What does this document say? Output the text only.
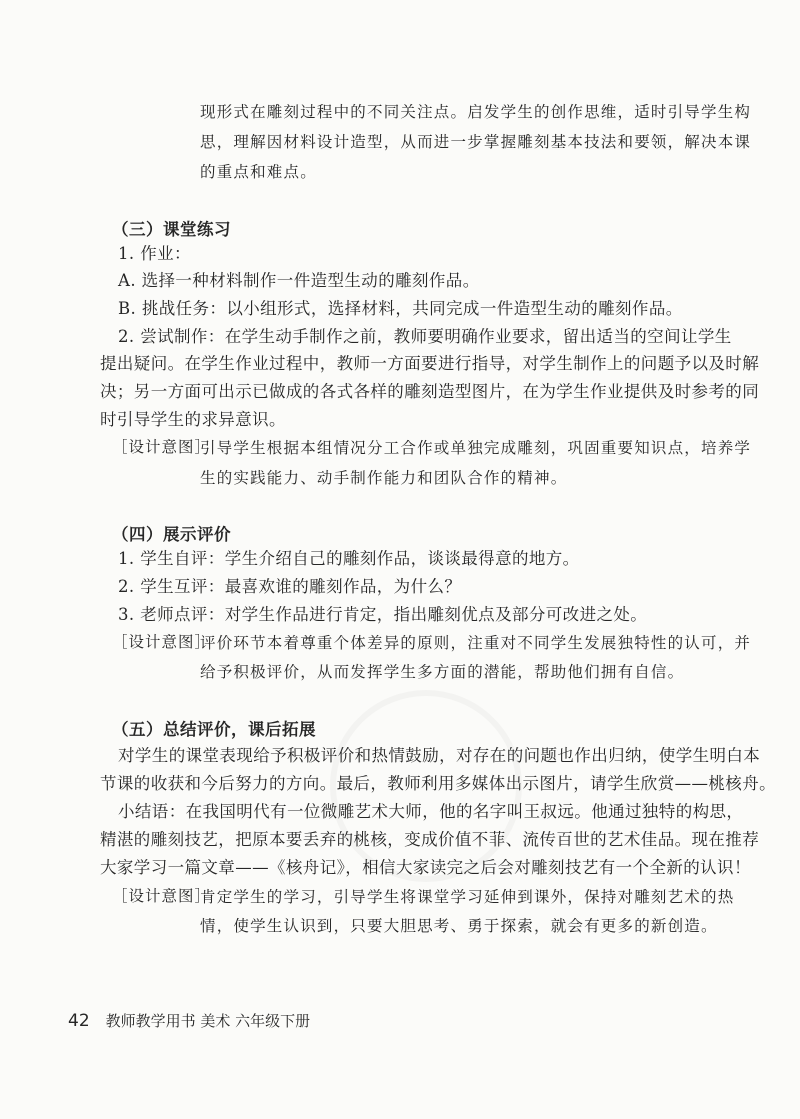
现形式在雕刻过程中的不同关注点。启发学生的创作思维，适时引导学生构
思，理解因材料设计造型，从而进一步掌握雕刻基本技法和要领，解决本课
的重点和难点。
（三）课堂练习
1. 作业：
A. 选择一种材料制作一件造型生动的雕刻作品。
B. 挑战任务：以小组形式，选择材料，共同完成一件造型生动的雕刻作品。
2. 尝试制作：在学生动手制作之前，教师要明确作业要求，留出适当的空间让学生
提出疑问。在学生作业过程中，教师一方面要进行指导，对学生制作上的问题予以及时解
决；另一方面可出示已做成的各式各样的雕刻造型图片，在为学生作业提供及时参考的同
时引导学生的求异意识。
［设计意图］
引导学生根据本组情况分工合作或单独完成雕刻，巩固重要知识点，培养学
生的实践能力、动手制作能力和团队合作的精神。
（四）展示评价
1. 学生自评：学生介绍自己的雕刻作品，谈谈最得意的地方。
2. 学生互评：最喜欢谁的雕刻作品，为什么？
3. 老师点评：对学生作品进行肯定，指出雕刻优点及部分可改进之处。
［设计意图］
评价环节本着尊重个体差异的原则，注重对不同学生发展独特性的认可，并
给予积极评价，从而发挥学生多方面的潜能，帮助他们拥有自信。
（五）总结评价，课后拓展
对学生的课堂表现给予积极评价和热情鼓励，对存在的问题也作出归纳，使学生明白本
节课的收获和今后努力的方向。最后，教师利用多媒体出示图片，请学生欣赏——桃核舟。
小结语：在我国明代有一位微雕艺术大师，他的名字叫王叔远。他通过独特的构思，
精湛的雕刻技艺，把原本要丢弃的桃核，变成价值不菲、流传百世的艺术佳品。现在推荐
大家学习一篇文章——《核舟记》，相信大家读完之后会对雕刻技艺有一个全新的认识！
［设计意图］
肯定学生的学习，引导学生将课堂学习延伸到课外，保持对雕刻艺术的热
情，使学生认识到，只要大胆思考、勇于探索，就会有更多的新创造。
42 教师教学用书 美术 六年级下册
